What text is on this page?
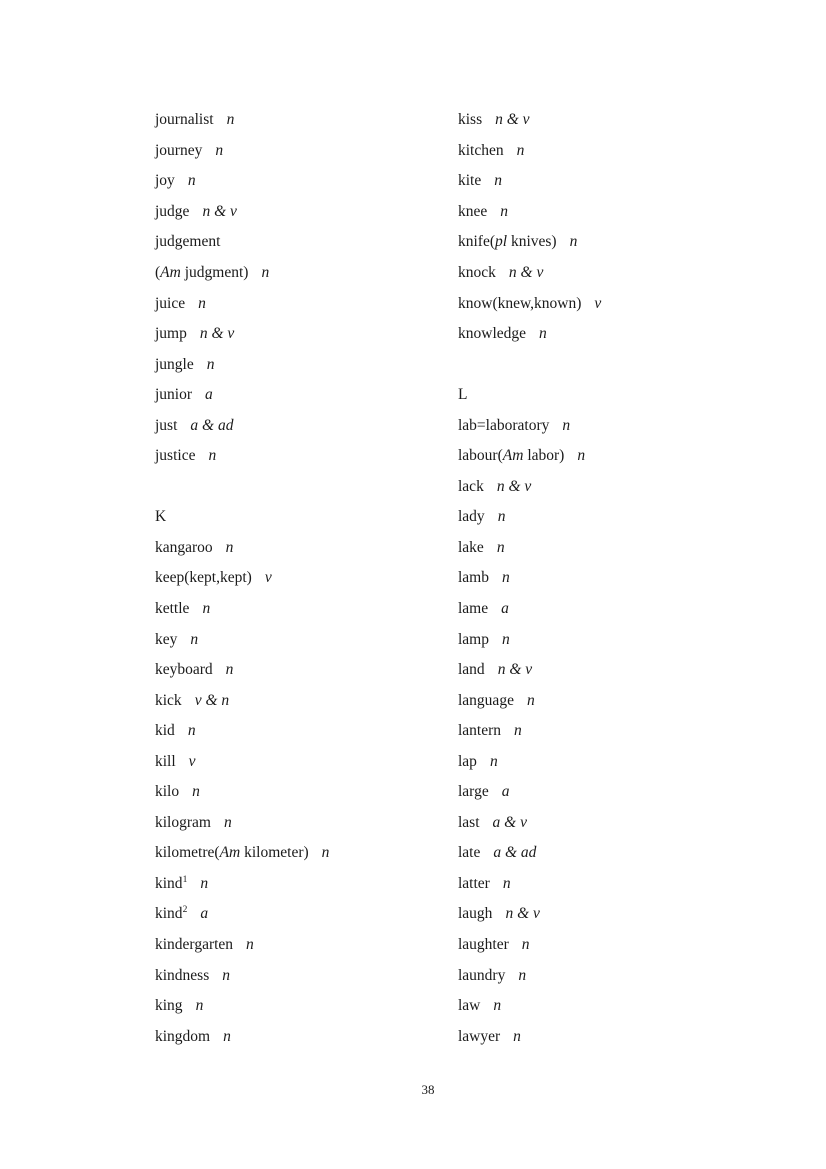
journalist n
journey n
joy n
judge n & v
judgement
(Am judgment) n
juice n
jump n & v
jungle n
junior a
just a & ad
justice n
K
kangaroo n
keep(kept,kept) v
kettle n
key n
keyboard n
kick v & n
kid n
kill v
kilo n
kilogram n
kilometre(Am kilometer) n
kind$^1$ n
kind$^2$ a
kindergarten n
kindness n
king n
kingdom n
kiss n & v
kitchen n
kite n
knee n
knife(pl knives) n
knock n & v
know(knew,known) v
knowledge n
L
lab=laboratory n
labour(Am labor) n
lack n & v
lady n
lake n
lamb n
lame a
lamp n
land n & v
language n
lantern n
lap n
large a
last a & v
late a & ad
latter n
laugh n & v
laughter n
laundry n
law n
lawyer n
38
